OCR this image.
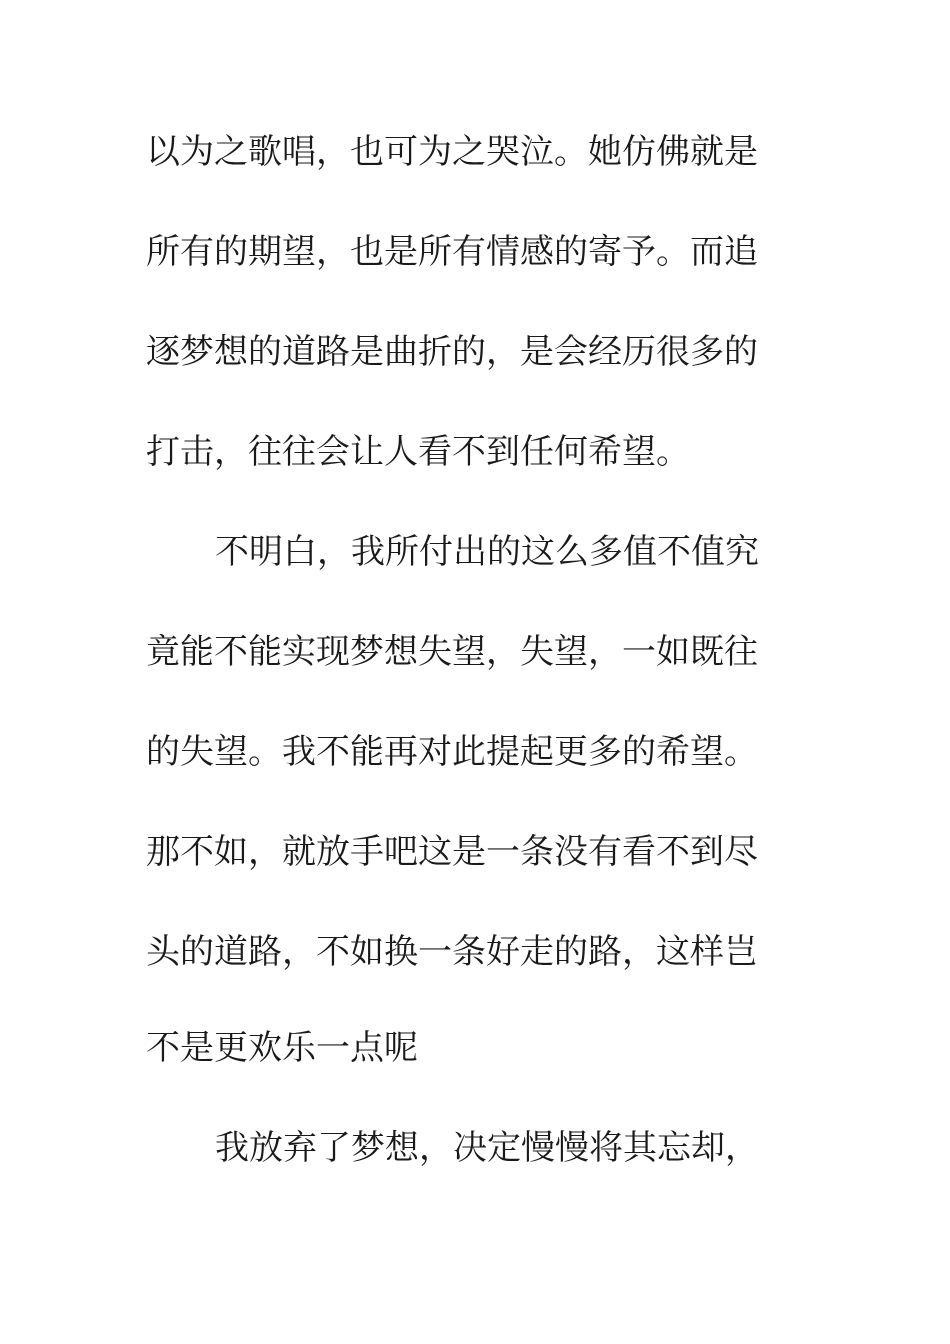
以为之歌唱，也可为之哭泣。她仿佛就是
所有的期望，也是所有情感的寄予。而追
逐梦想的道路是曲折的，是会经历很多的
打击，往往会让人看不到任何希望。
不明白，我所付出的这么多值不值究
竟能不能实现梦想失望，失望，一如既往
的失望。我不能再对此提起更多的希望。
那不如，就放手吧这是一条没有看不到尽
头的道路，不如换一条好走的路，这样岂
不是更欢乐一点呢
我放弃了梦想，决定慢慢将其忘却，
